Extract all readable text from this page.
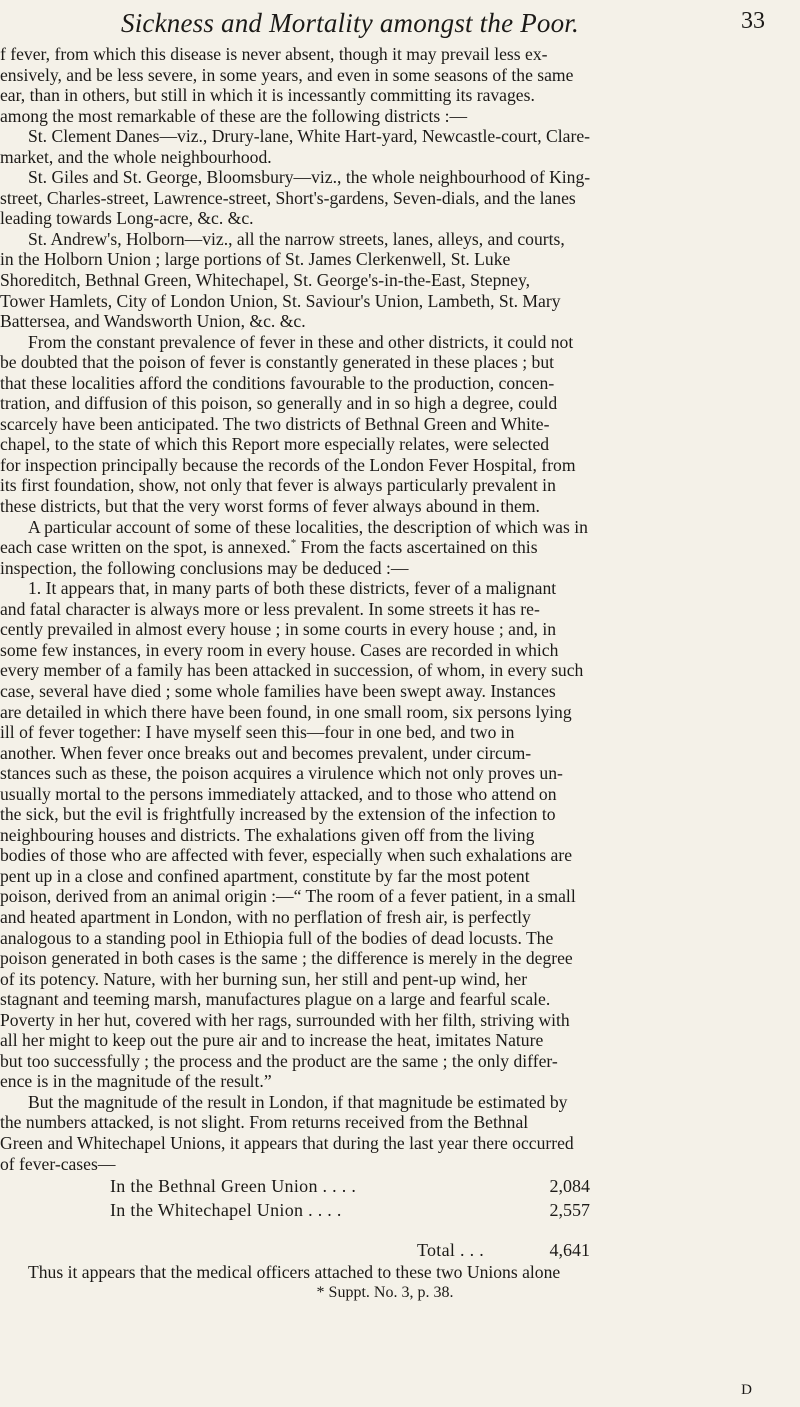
Sickness and Mortality amongst the Poor.	33

f fever, from which this disease is never absent, though it may prevail less ex-

ensively, and be less severe, in some years, and even in some seasons of the same

ear, than in others, but still in which it is incessantly committing its ravages.

among the most remarkable of these are the following districts :—

St. Clement Danes—viz., Drury-lane, White Hart-yard, Newcastle-court, Clare-

market, and the whole neighbourhood.

St. Giles and St. George, Bloomsbury—viz., the whole neighbourhood of King-

street, Charles-street, Lawrence-street, Short's-gardens, Seven-dials, and the lanes

leading towards Long-acre, &c. &c.

St. Andrew's, Holborn—viz., all the narrow streets, lanes, alleys, and courts,

in the Holborn Union ; large portions of St. James Clerkenwell, St. Luke

Shoreditch, Bethnal Green, Whitechapel, St. George's-in-the-East, Stepney,

Tower Hamlets, City of London Union, St. Saviour's Union, Lambeth, St. Mary

Battersea, and Wandsworth Union, &c. &c.

From the constant prevalence of fever in these and other districts, it could not

be doubted that the poison of fever is constantly generated in these places ; but

that these localities afford the conditions favourable to the production, concen-

tration, and diffusion of this poison, so generally and in so high a degree, could

scarcely have been anticipated. The two districts of Bethnal Green and White-

chapel, to the state of which this Report more especially relates, were selected

for inspection principally because the records of the London Fever Hospital, from

its first foundation, show, not only that fever is always particularly prevalent in

these districts, but that the very worst forms of fever always abound in them.

A particular account of some of these localities, the description of which was in

each case written on the spot, is annexed.* From the facts ascertained on this

inspection, the following conclusions may be deduced :—

1. It appears that, in many parts of both these districts, fever of a malignant

and fatal character is always more or less prevalent. In some streets it has re-

cently prevailed in almost every house ; in some courts in every house ; and, in

some few instances, in every room in every house. Cases are recorded in which

every member of a family has been attacked in succession, of whom, in every such

case, several have died ; some whole families have been swept away. Instances

are detailed in which there have been found, in one small room, six persons lying

ill of fever together: I have myself seen this—four in one bed, and two in

another. When fever once breaks out and becomes prevalent, under circum-

stances such as these, the poison acquires a virulence which not only proves un-

usually mortal to the persons immediately attacked, and to those who attend on

the sick, but the evil is frightfully increased by the extension of the infection to

neighbouring houses and districts. The exhalations given off from the living

bodies of those who are affected with fever, especially when such exhalations are

pent up in a close and confined apartment, constitute by far the most potent

poison, derived from an animal origin :—“ The room of a fever patient, in a small

and heated apartment in London, with no perflation of fresh air, is perfectly

analogous to a standing pool in Ethiopia full of the bodies of dead locusts. The

poison generated in both cases is the same ; the difference is merely in the degree

of its potency. Nature, with her burning sun, her still and pent-up wind, her

stagnant and teeming marsh, manufactures plague on a large and fearful scale.

Poverty in her hut, covered with her rags, surrounded with her filth, striving with

all her might to keep out the pure air and to increase the heat, imitates Nature

but too successfully ; the process and the product are the same ; the only differ-

ence is in the magnitude of the result.”

But the magnitude of the result in London, if that magnitude be estimated by

the numbers attacked, is not slight. From returns received from the Bethnal

Green and Whitechapel Unions, it appears that during the last year there occurred

of fever-cases—

In the Bethnal Green Union . . . .	2,084
In the Whitechapel Union . . . .	2,557
Total . . .	4,641

Thus it appears that the medical officers attached to these two Unions alone

* Suppt. No. 3, p. 38.
D
